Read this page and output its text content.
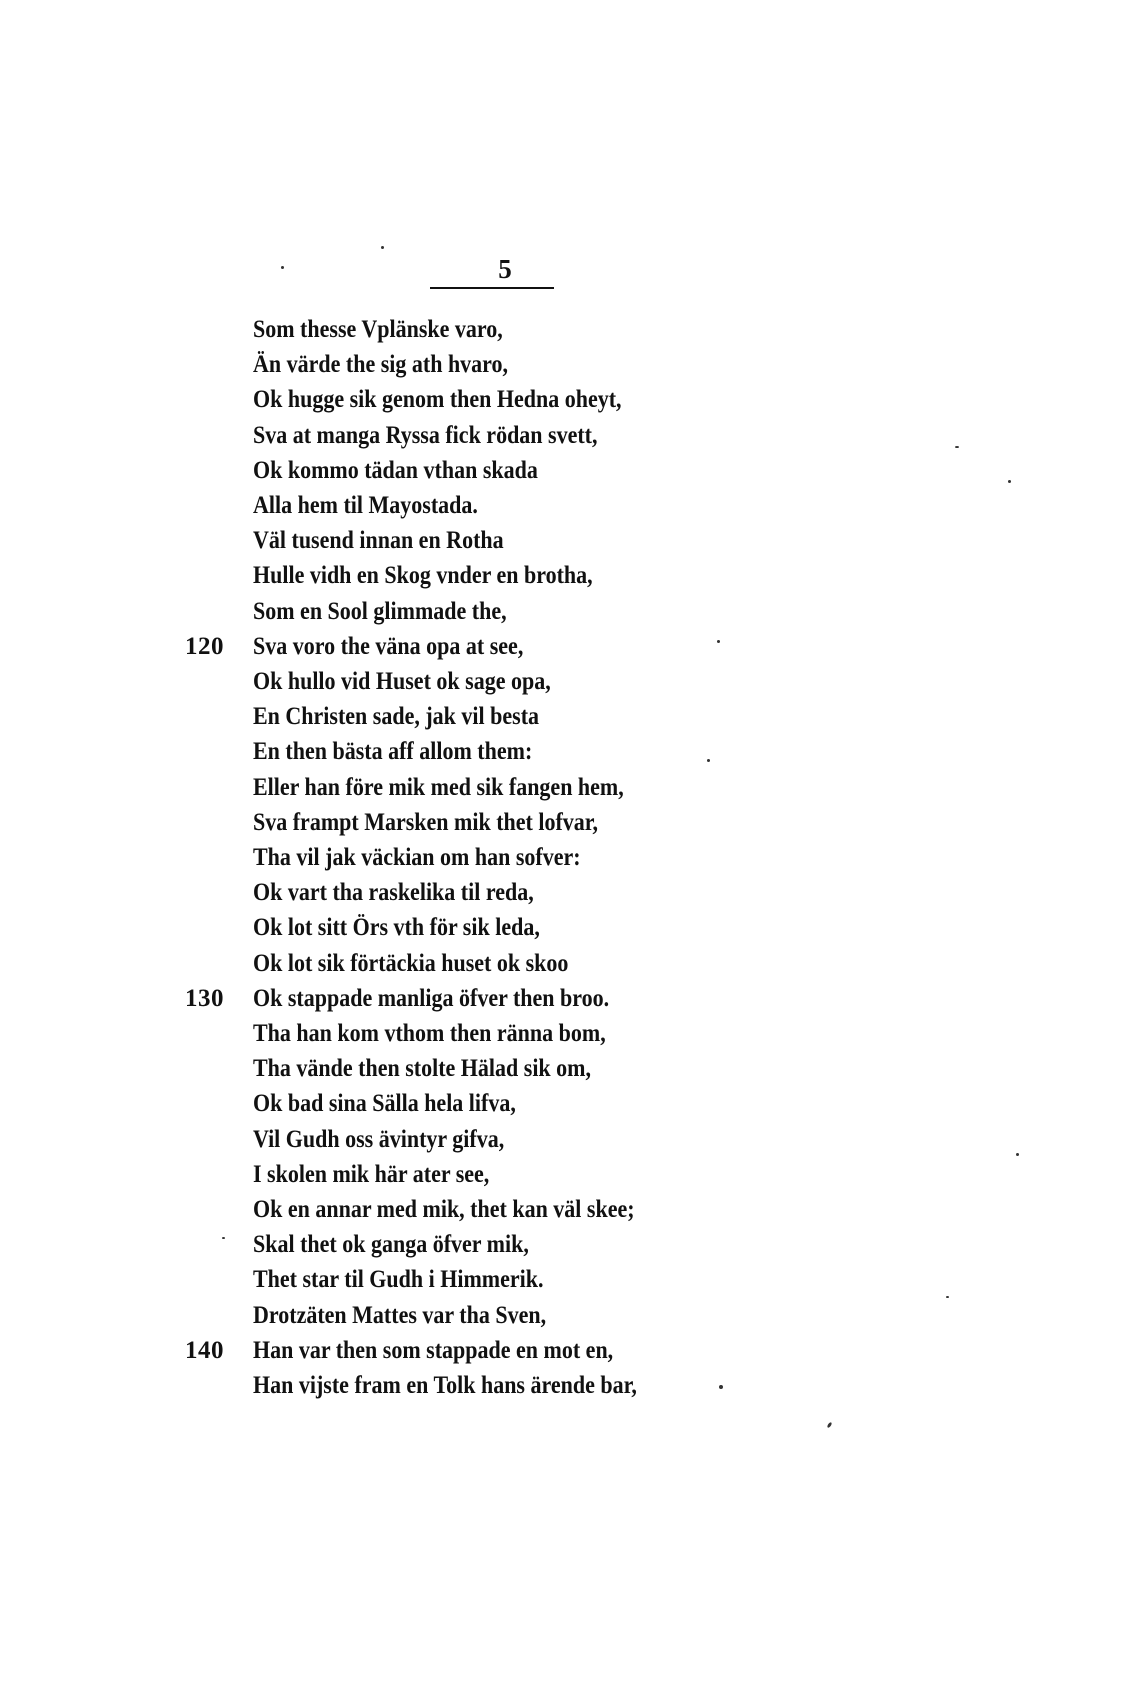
5
Som thesse Vplänske varo,
Än värde the sig ath hvaro,
Ok hugge sik genom then Hedna oheyt,
Sva at manga Ryssa fick rödan svett,
Ok kommo tädan vthan skada
Alla hem til Mayostada.
Väl tusend innan en Rotha
Hulle vidh en Skog vnder en brotha,
Som en Sool glimmade the,
120	Sva voro the väna opa at see,
Ok hullo vid Huset ok sage opa,
En Christen sade, jak vil besta
En then bästa aff allom them:
Eller han före mik med sik fangen hem,
Sva frampt Marsken mik thet lofvar,
Tha vil jak väckian om han sofver:
Ok vart tha raskelika til reda,
Ok lot sitt Örs vth för sik leda,
Ok lot sik förtäckia huset ok skoo
130	Ok stappade manliga öfver then broo.
Tha han kom vthom then ränna bom,
Tha vände then stolte Hälad sik om,
Ok bad sina Sälla hela lifva,
Vil Gudh oss ävintyr gifva,
I skolen mik här ater see,
Ok en annar med mik, thet kan väl skee;
Skal thet ok ganga öfver mik,
Thet star til Gudh i Himmerik.
Drotzäten Mattes var tha Sven,
140	Han var then som stappade en mot en,
Han vijste fram en Tolk hans ärende bar,
